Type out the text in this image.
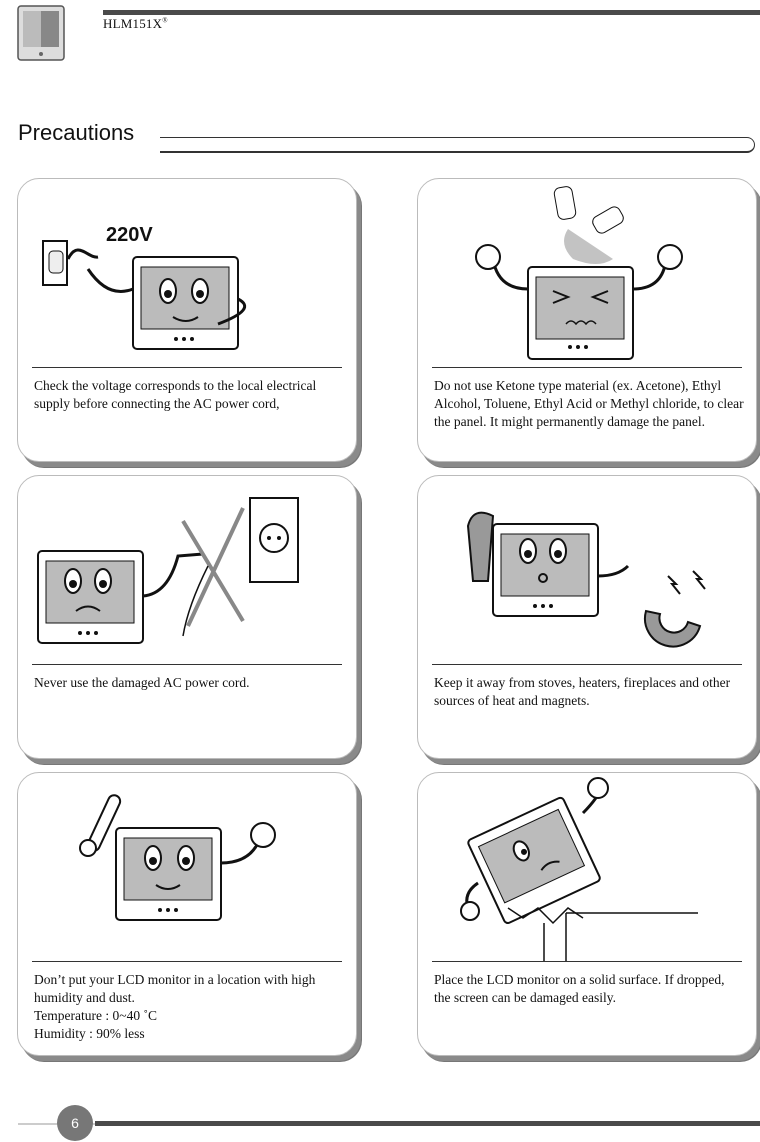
HLM151X®
Precautions
220V
Check the voltage corresponds to the local electrical supply before connecting the AC power cord,
Do not use Ketone type material (ex. Acetone), Ethyl Alcohol, Toluene, Ethyl Acid or Methyl chloride, to clear the panel. It might permanently damage the panel.
Never use the damaged AC power cord.	Keep it away from stoves, heaters, fireplaces and other sources of heat and magnets.
Don’t put your LCD monitor in a location with high humidity and dust.
Temperature : 0~40 ˚C
Humidity : 90% less
Place the LCD monitor on a solid surface. If dropped, the screen can be damaged easily.
6
